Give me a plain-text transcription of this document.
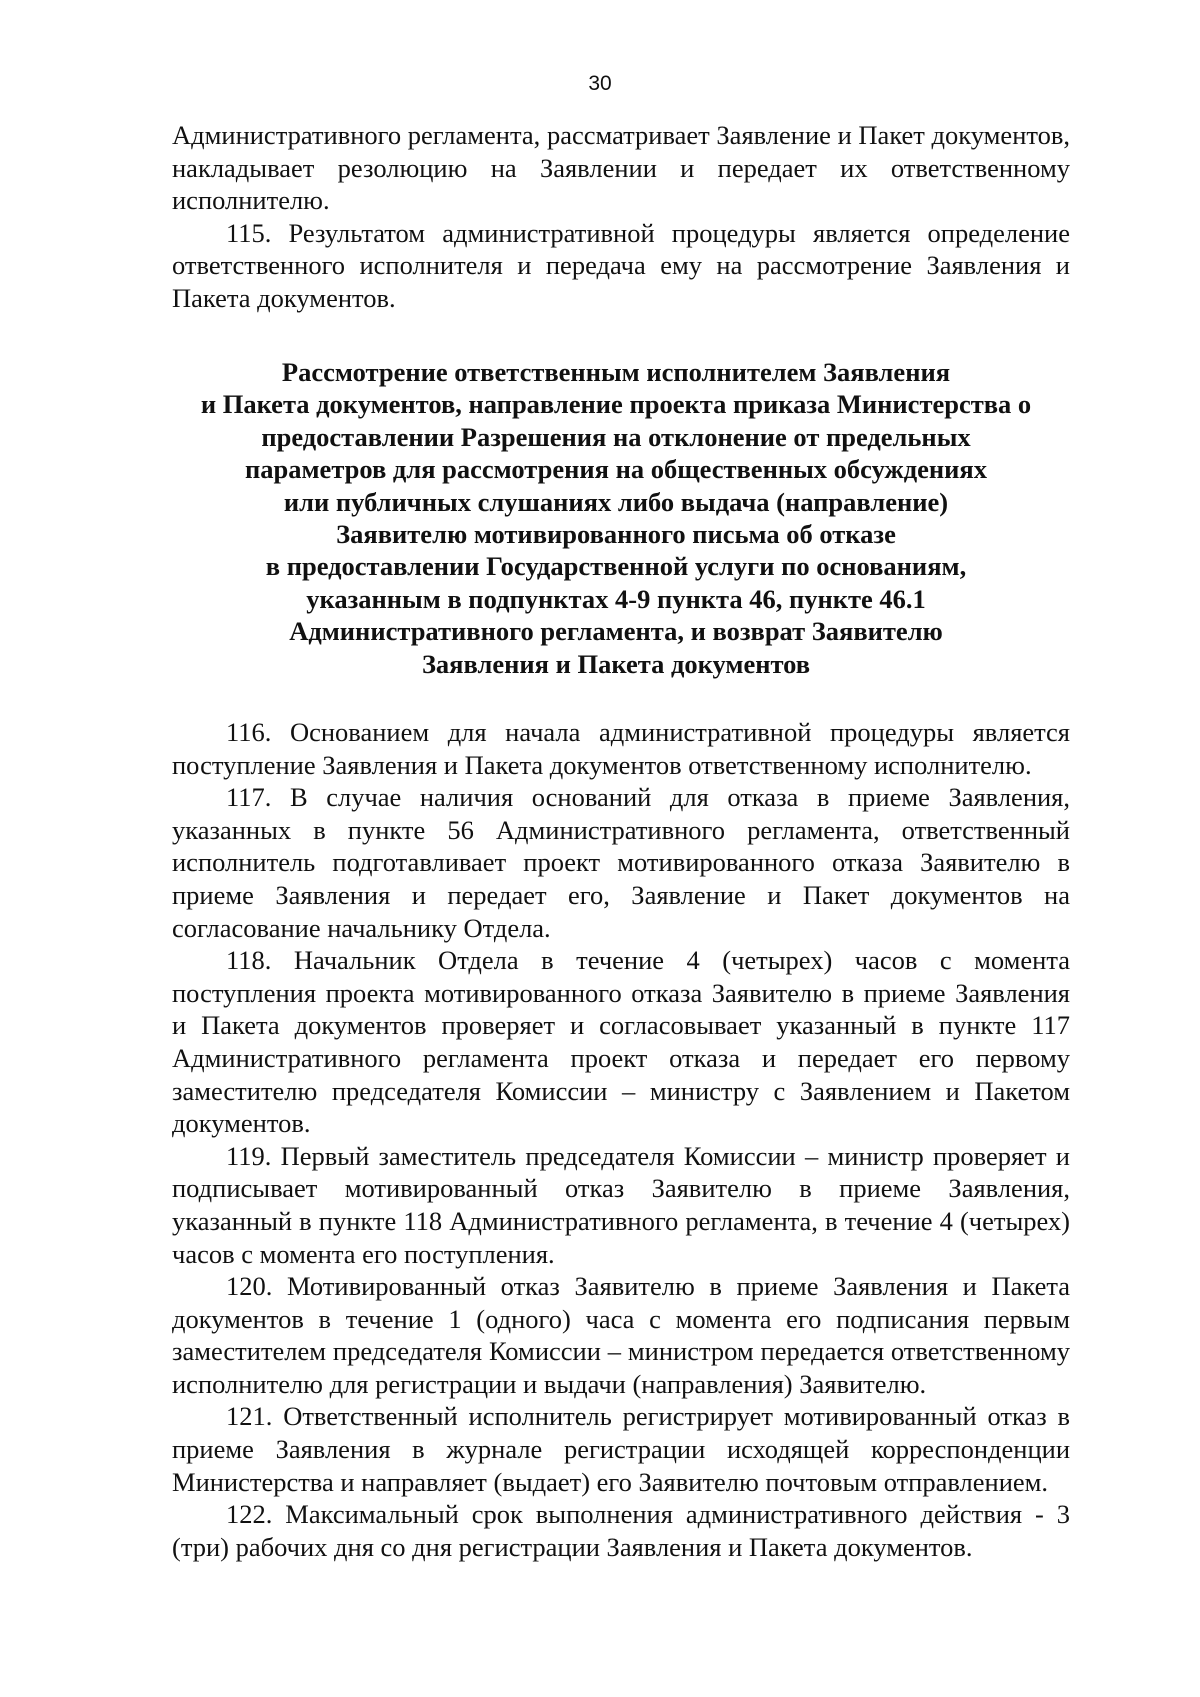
30

Административного регламента, рассматривает Заявление и Пакет документов, накладывает резолюцию на Заявлении и передает их ответственному исполнителю.

115. Результатом административной процедуры является определение ответственного исполнителя и передача ему на рассмотрение Заявления и Пакета документов.

Рассмотрение ответственным исполнителем Заявления
и Пакета документов, направление проекта приказа Министерства о
предоставлении Разрешения на отклонение от предельных
параметров для рассмотрения на общественных обсуждениях
или публичных слушаниях либо выдача (направление)
Заявителю мотивированного письма об отказе
в предоставлении Государственной услуги по основаниям,
указанным в подпунктах 4-9 пункта 46, пункте 46.1
Административного регламента, и возврат Заявителю
Заявления и Пакета документов

116. Основанием для начала административной процедуры является поступление Заявления и Пакета документов ответственному исполнителю.

117. В случае наличия оснований для отказа в приеме Заявления, указанных в пункте 56 Административного регламента, ответственный исполнитель подготавливает проект мотивированного отказа Заявителю в приеме Заявления и передает его, Заявление и Пакет документов на согласование начальнику Отдела.

118. Начальник Отдела в течение 4 (четырех) часов с момента поступления проекта мотивированного отказа Заявителю в приеме Заявления и Пакета документов проверяет и согласовывает указанный в пункте 117 Административного регламента проект отказа и передает его первому заместителю председателя Комиссии – министру с Заявлением и Пакетом документов.

119. Первый заместитель председателя Комиссии – министр проверяет и подписывает мотивированный отказ Заявителю в приеме Заявления, указанный в пункте 118 Административного регламента, в течение 4 (четырех) часов с момента его поступления.

120. Мотивированный отказ Заявителю в приеме Заявления и Пакета документов в течение 1 (одного) часа с момента его подписания первым заместителем председателя Комиссии – министром передается ответственному исполнителю для регистрации и выдачи (направления) Заявителю.

121. Ответственный исполнитель регистрирует мотивированный отказ в приеме Заявления в журнале регистрации исходящей корреспонденции Министерства и направляет (выдает) его Заявителю почтовым отправлением.

122. Максимальный срок выполнения административного действия - 3 (три) рабочих дня со дня регистрации Заявления и Пакета документов.
